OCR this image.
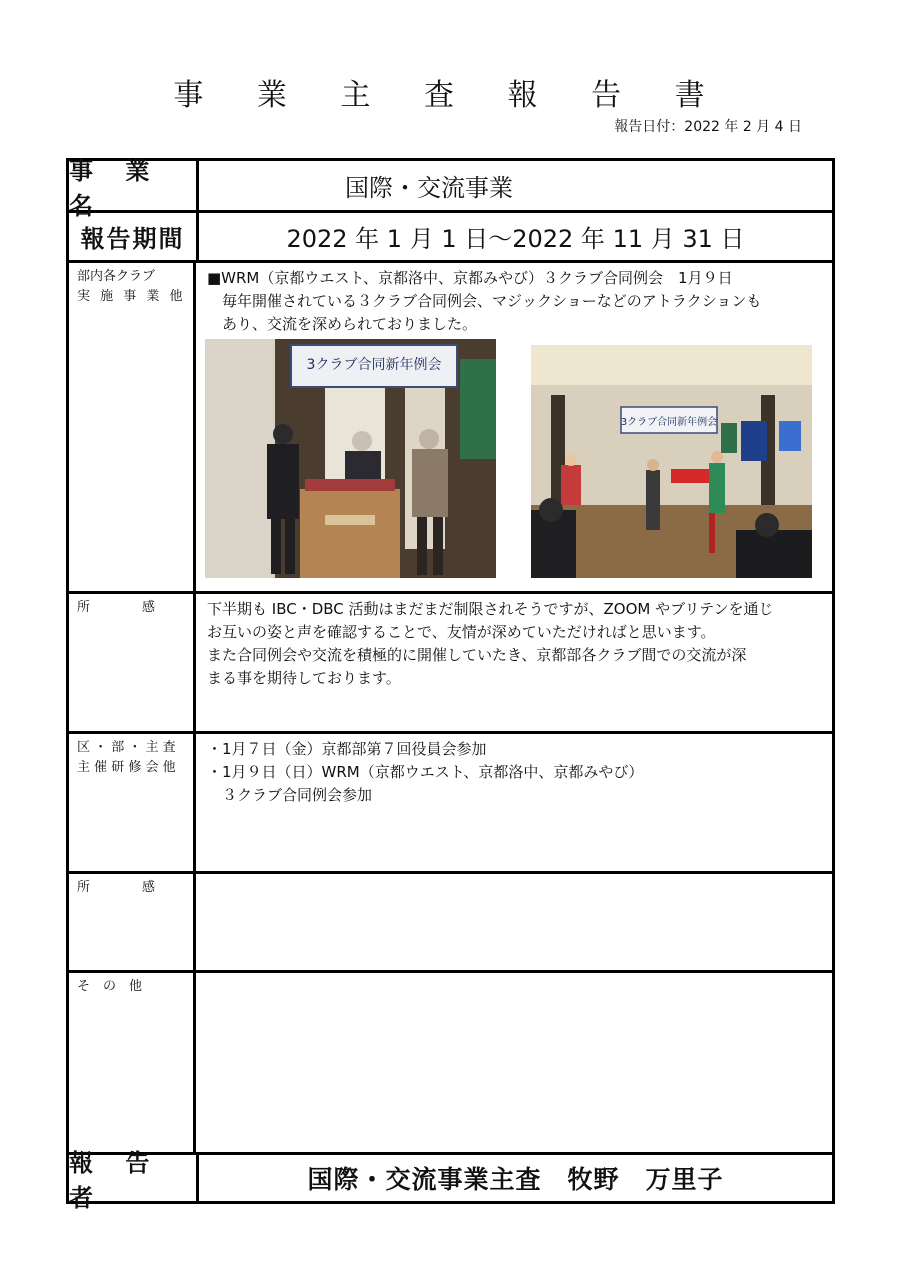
事 業 主 査 報 告 書
報告日付：2022 年 2 月 4 日
事 業 名
国際・交流事業
報告期間	2022 年 1 月 1 日～2022 年 11 月 31 日
部内各クラブ
実 施 事 業 他
■WRM（京都ウエスト、京都洛中、京都みやび）３クラブ合同例会　1月９日
　毎年開催されている３クラブ合同例会、マジックショーなどのアトラクションも
　あり、交流を深められておりました。
3クラブ合同新年例会
3クラブ合同新年例会
所　　　　感	下半期も IBC・DBC 活動はまだまだ制限されそうですが、ZOOM やブリテンを通じ
お互いの姿と声を確認することで、友情が深めていただければと思います。
また合同例会や交流を積極的に開催していたき、京都部各クラブ間での交流が深
まる事を期待しております。
区 ・ 部 ・ 主 査
主 催 研 修 会 他
・1月７日（金）京都部第７回役員会参加
・1月９日（日）WRM（京都ウエスト、京都洛中、京都みやび）
　３クラブ合同例会参加
所　　　　感
そ　の　他
報 告 者
国際・交流事業主査　牧野　万里子
